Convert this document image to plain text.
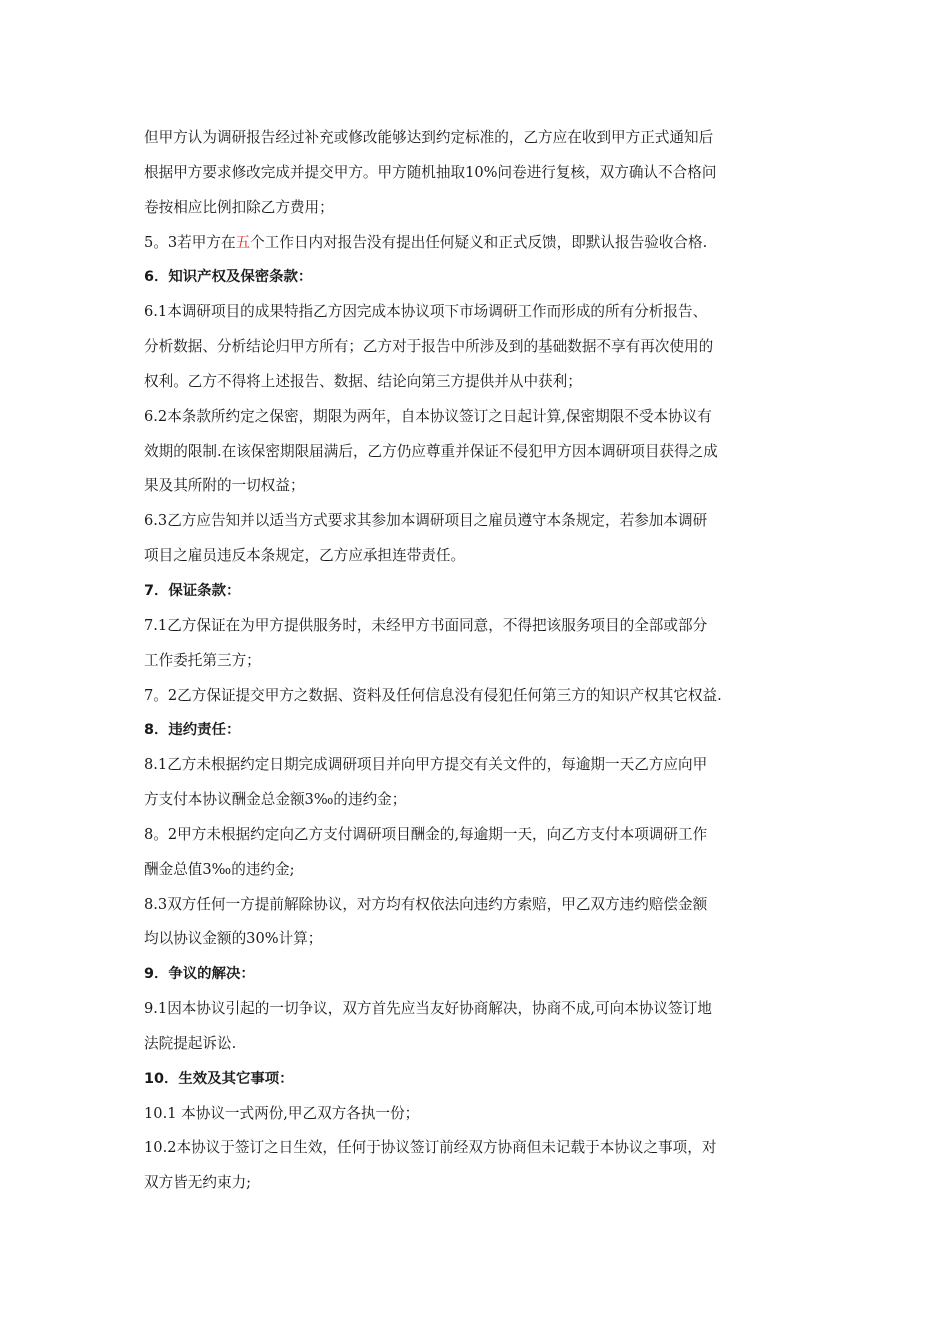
但甲方认为调研报告经过补充或修改能够达到约定标准的，乙方应在收到甲方正式通知后
根据甲方要求修改完成并提交甲方。甲方随机抽取10%问卷进行复核，双方确认不合格问
卷按相应比例扣除乙方费用；
5。3若甲方在五个工作日内对报告没有提出任何疑义和正式反馈，即默认报告验收合格.
6．知识产权及保密条款：
6.1本调研项目的成果特指乙方因完成本协议项下市场调研工作而形成的所有分析报告、
分析数据、分析结论归甲方所有；乙方对于报告中所涉及到的基础数据不享有再次使用的
权利。乙方不得将上述报告、数据、结论向第三方提供并从中获利；
6.2本条款所约定之保密，期限为两年，自本协议签订之日起计算,保密期限不受本协议有
效期的限制.在该保密期限届满后，乙方仍应尊重并保证不侵犯甲方因本调研项目获得之成
果及其所附的一切权益；
6.3乙方应告知并以适当方式要求其参加本调研项目之雇员遵守本条规定，若参加本调研
项目之雇员违反本条规定，乙方应承担连带责任。
7．保证条款：
7.1乙方保证在为甲方提供服务时，未经甲方书面同意，不得把该服务项目的全部或部分
工作委托第三方；
7。2乙方保证提交甲方之数据、资料及任何信息没有侵犯任何第三方的知识产权其它权益.
8．违约责任：
8.1乙方未根据约定日期完成调研项目并向甲方提交有关文件的，每逾期一天乙方应向甲
方支付本协议酬金总金额3‰的违约金；
8。2甲方未根据约定向乙方支付调研项目酬金的,每逾期一天，向乙方支付本项调研工作
酬金总值3‰的违约金;
8.3双方任何一方提前解除协议，对方均有权依法向违约方索赔，甲乙双方违约赔偿金额
均以协议金额的30%计算；
9．争议的解决：
9.1因本协议引起的一切争议，双方首先应当友好协商解决，协商不成,可向本协议签订地
法院提起诉讼.
10．生效及其它事项：
10.1 本协议一式两份,甲乙双方各执一份；
10.2本协议于签订之日生效，任何于协议签订前经双方协商但未记载于本协议之事项，对
双方皆无约束力;
